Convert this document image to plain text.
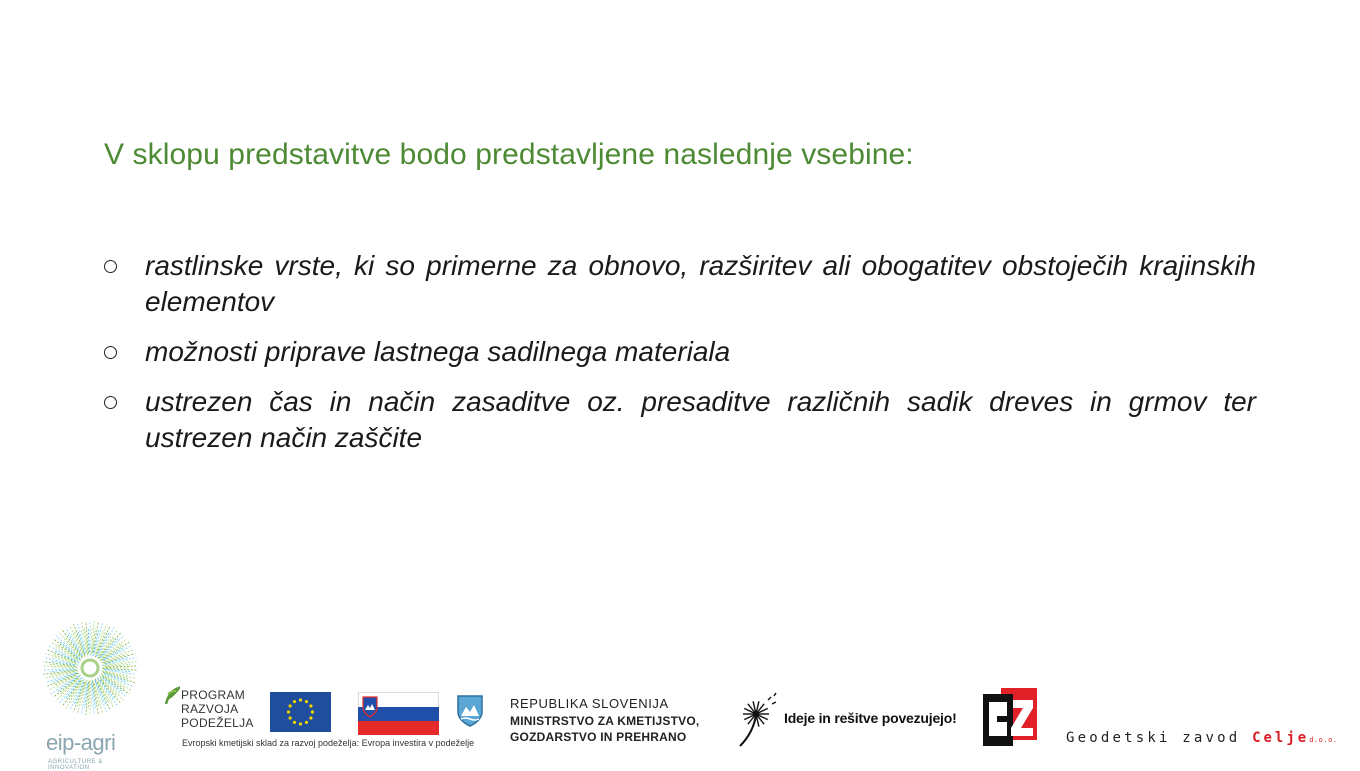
V sklopu predstavitve bodo predstavljene naslednje vsebine:
rastlinske vrste, ki so primerne za obnovo, razširitev ali obogatitev obstoječih krajinskih elementov
možnosti priprave lastnega sadilnega materiala
ustrezen čas in način zasaditve oz. presaditve različnih sadik dreves in grmov ter ustrezen način zaščite
eip-agri
AGRICULTURE & INNOVATION
PROGRAM
RAZVOJA
PODEŽELJA
Evropski kmetijski sklad za razvoj podeželja: Evropa investira v podeželje
REPUBLIKA SLOVENIJA
MINISTRSTVO ZA KMETIJSTVO,
GOZDARSTVO IN PREHRANO
Ideje in rešitve povezujejo!
Geodetski zavod Celjed.o.o.
